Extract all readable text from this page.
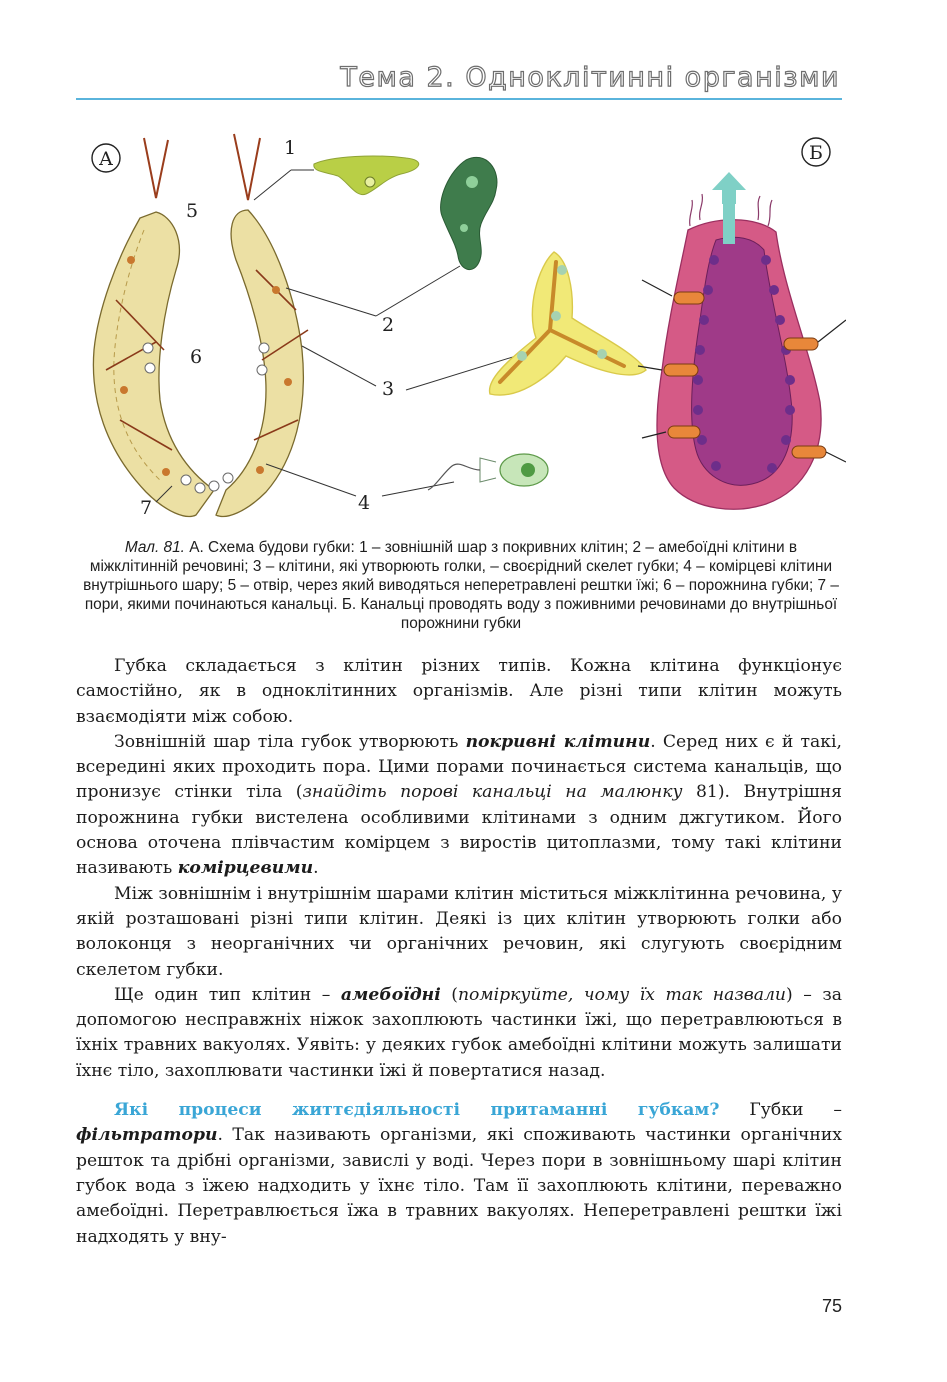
Тема 2. Одноклітинні організми
А	Б
1
5
6
2
3
4
7
Мал. 81. А. Схема будови губки: 1 – зовнішній шар з покривних клітин; 2 – амебоїдні клітини в міжклітинній речовині; 3 – клітини, які утворюють голки, – своєрідний скелет губки; 4 – комірцеві клітини внутрішнього шару; 5 – отвір, через який виводяться неперетравлені рештки їжі; 6 – порожнина губки; 7 – пори, якими починаються канальці. Б. Канальці проводять воду з поживними речовинами до внутрішньої порожнини губки

Губка складається з клітин різних типів. Кожна клітина функціонує самостійно, як в одноклітинних організмів. Але різні типи клітин можуть взаємодіяти між собою.

Зовнішній шар тіла губок утворюють покривні клітини. Серед них є й такі, всередині яких проходить пора. Цими порами починається система канальців, що пронизує стінки тіла (знайдіть порові канальці на малюнку 81). Внутрішня порожнина губки вистелена особливими клітинами з одним джгутиком. Його основа оточена плівчастим комірцем з виростів цитоплазми, тому такі клітини називають комірцевими.

Між зовнішнім і внутрішнім шарами клітин міститься міжклітинна речовина, у якій розташовані різні типи клітин. Деякі із цих клітин утворюють голки або волоконця з неорганічних чи органічних речовин, які слугують своєрідним скелетом губки.

Ще один тип клітин – амебоїдні (поміркуйте, чому їх так назвали) – за допомогою несправжніх ніжок захоплюють частинки їжі, що перетравлюються в їхніх травних вакуолях. Уявіть: у деяких губок амебоїдні клітини можуть залишати їхнє тіло, захоплювати частинки їжі й повертатися назад.

Які процеси життєдіяльності притаманні губкам? Губки – фільтратори. Так називають організми, які споживають частинки органічних решток та дрібні організми, завислі у воді. Через пори в зовнішньому шарі клітин губок вода з їжею надходить у їхнє тіло. Там її захоплюють клітини, переважно амебоїдні. Перетравлюється їжа в травних вакуолях. Неперетравлені рештки їжі надходять у вну-

75
